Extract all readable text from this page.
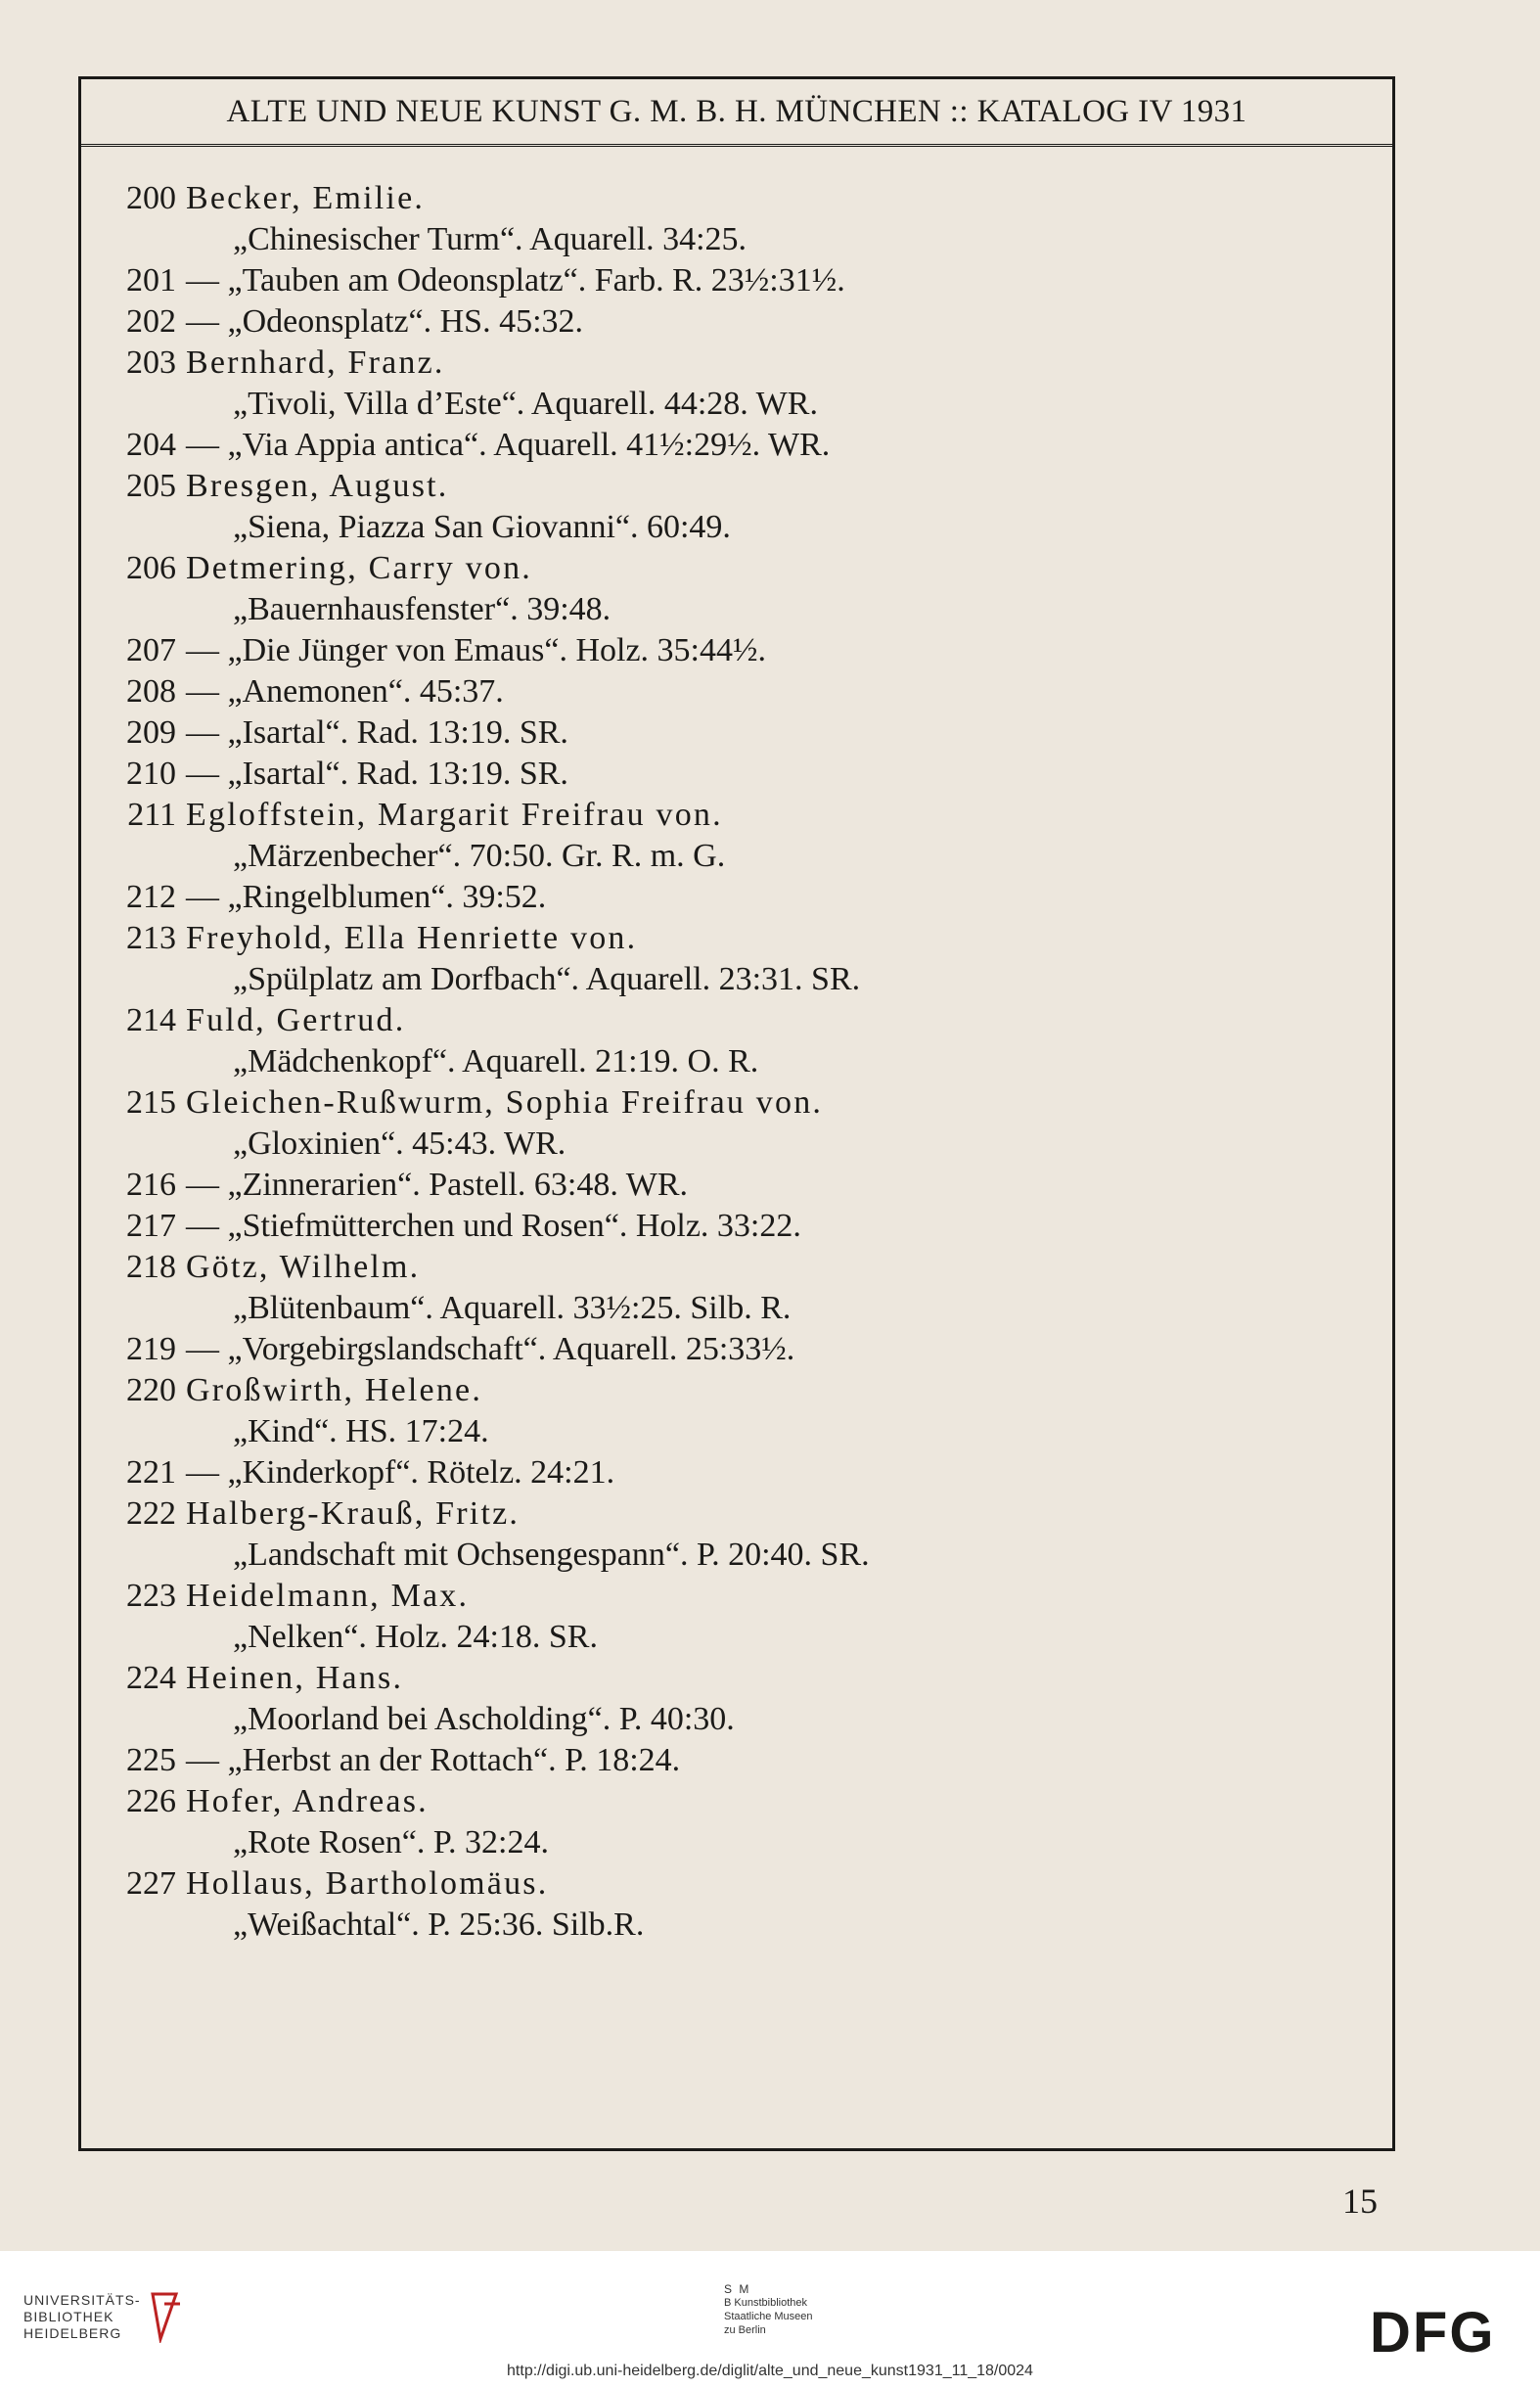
ALTE UND NEUE KUNST G. M. B. H. MÜNCHEN :: KATALOG IV 1931
200 Becker, Emilie.
„Chinesischer Turm“. Aquarell. 34:25.
201 — „Tauben am Odeonsplatz“. Farb. R. 23½:31½.
202 — „Odeonsplatz“. HS. 45:32.
203 Bernhard, Franz.
„Tivoli, Villa d’Este“. Aquarell. 44:28. WR.
204 — „Via Appia antica“. Aquarell. 41½:29½. WR.
205 Bresgen, August.
„Siena, Piazza San Giovanni“. 60:49.
206 Detmering, Carry von.
„Bauernhausfenster“. 39:48.
207 — „Die Jünger von Emaus“. Holz. 35:44½.
208 — „Anemonen“. 45:37.
209 — „Isartal“. Rad. 13:19. SR.
210 — „Isartal“. Rad. 13:19. SR.
211 Egloffstein, Margarit Freifrau von.
„Märzenbecher“. 70:50. Gr. R. m. G.
212 — „Ringelblumen“. 39:52.
213 Freyhold, Ella Henriette von.
„Spülplatz am Dorfbach“. Aquarell. 23:31. SR.
214 Fuld, Gertrud.
„Mädchenkopf“. Aquarell. 21:19. O. R.
215 Gleichen-Rußwurm, Sophia Freifrau von.
„Gloxinien“. 45:43. WR.
216 — „Zinnerarien“. Pastell. 63:48. WR.
217 — „Stiefmütterchen und Rosen“. Holz. 33:22.
218 Götz, Wilhelm.
„Blütenbaum“. Aquarell. 33½:25. Silb. R.
219 — „Vorgebirgslandschaft“. Aquarell. 25:33½.
220 Großwirth, Helene.
„Kind“. HS. 17:24.
221 — „Kinderkopf“. Rötelz. 24:21.
222 Halberg-Krauß, Fritz.
„Landschaft mit Ochsengespann“. P. 20:40. SR.
223 Heidelmann, Max.
„Nelken“. Holz. 24:18. SR.
224 Heinen, Hans.
„Moorland bei Ascholding“. P. 40:30.
225 — „Herbst an der Rottach“. P. 18:24.
226 Hofer, Andreas.
„Rote Rosen“. P. 32:24.
227 Hollaus, Bartholomäus.
„Weißachtal“. P. 25:36. Silb.R.
15
UNIVERSITÄTS-
BIBLIOTHEK
HEIDELBERG
S M
B Kunstbibliothek
Staatliche Museen
zu Berlin	DFG
http://digi.ub.uni-heidelberg.de/diglit/alte_und_neue_kunst1931_11_18/0024
